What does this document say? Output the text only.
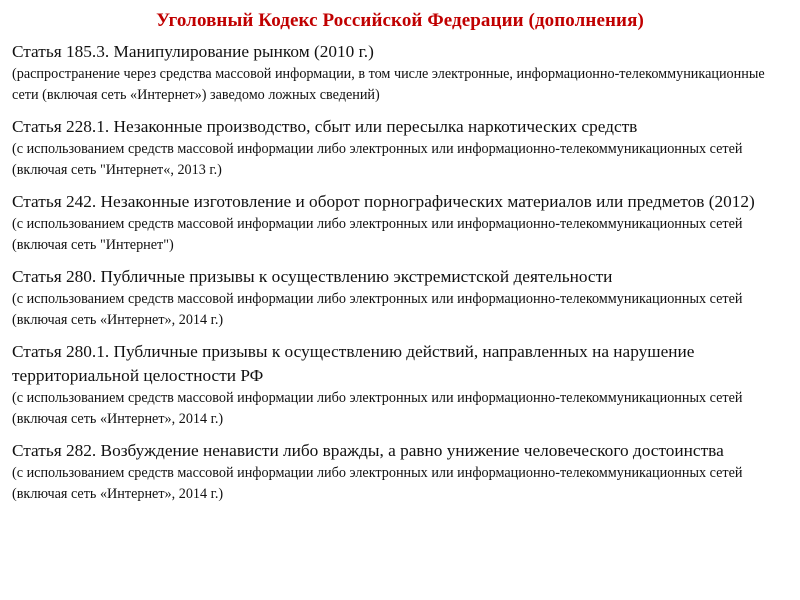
Уголовный Кодекс Российской Федерации (дополнения)

Статья 185.3. Манипулирование рынком (2010 г.)

(распространение через средства массовой информации, в том числе электронные, информационно-телекоммуникационные сети (включая сеть «Интернет») заведомо ложных сведений)

Статья 228.1. Незаконные производство, сбыт или пересылка наркотических средств

(с использованием средств массовой информации либо электронных или информационно-телекоммуникационных сетей (включая сеть "Интернет«, 2013 г.)

Статья 242. Незаконные изготовление и оборот порнографических материалов или предметов (2012)

(с использованием средств массовой информации либо электронных или информационно-телекоммуникационных сетей (включая сеть "Интернет")

Статья 280. Публичные призывы к осуществлению экстремистской деятельности

(с использованием средств массовой информации либо электронных или информационно-телекоммуникационных сетей (включая сеть «Интернет», 2014 г.)

Статья 280.1. Публичные призывы к осуществлению действий, направленных на нарушение территориальной целостности РФ

(с использованием средств массовой информации либо электронных или информационно-телекоммуникационных сетей (включая сеть «Интернет», 2014 г.)

Статья 282. Возбуждение ненависти либо вражды, а равно унижение человеческого достоинства

(с использованием средств массовой информации либо электронных или информационно-телекоммуникационных сетей (включая сеть «Интернет», 2014 г.)
